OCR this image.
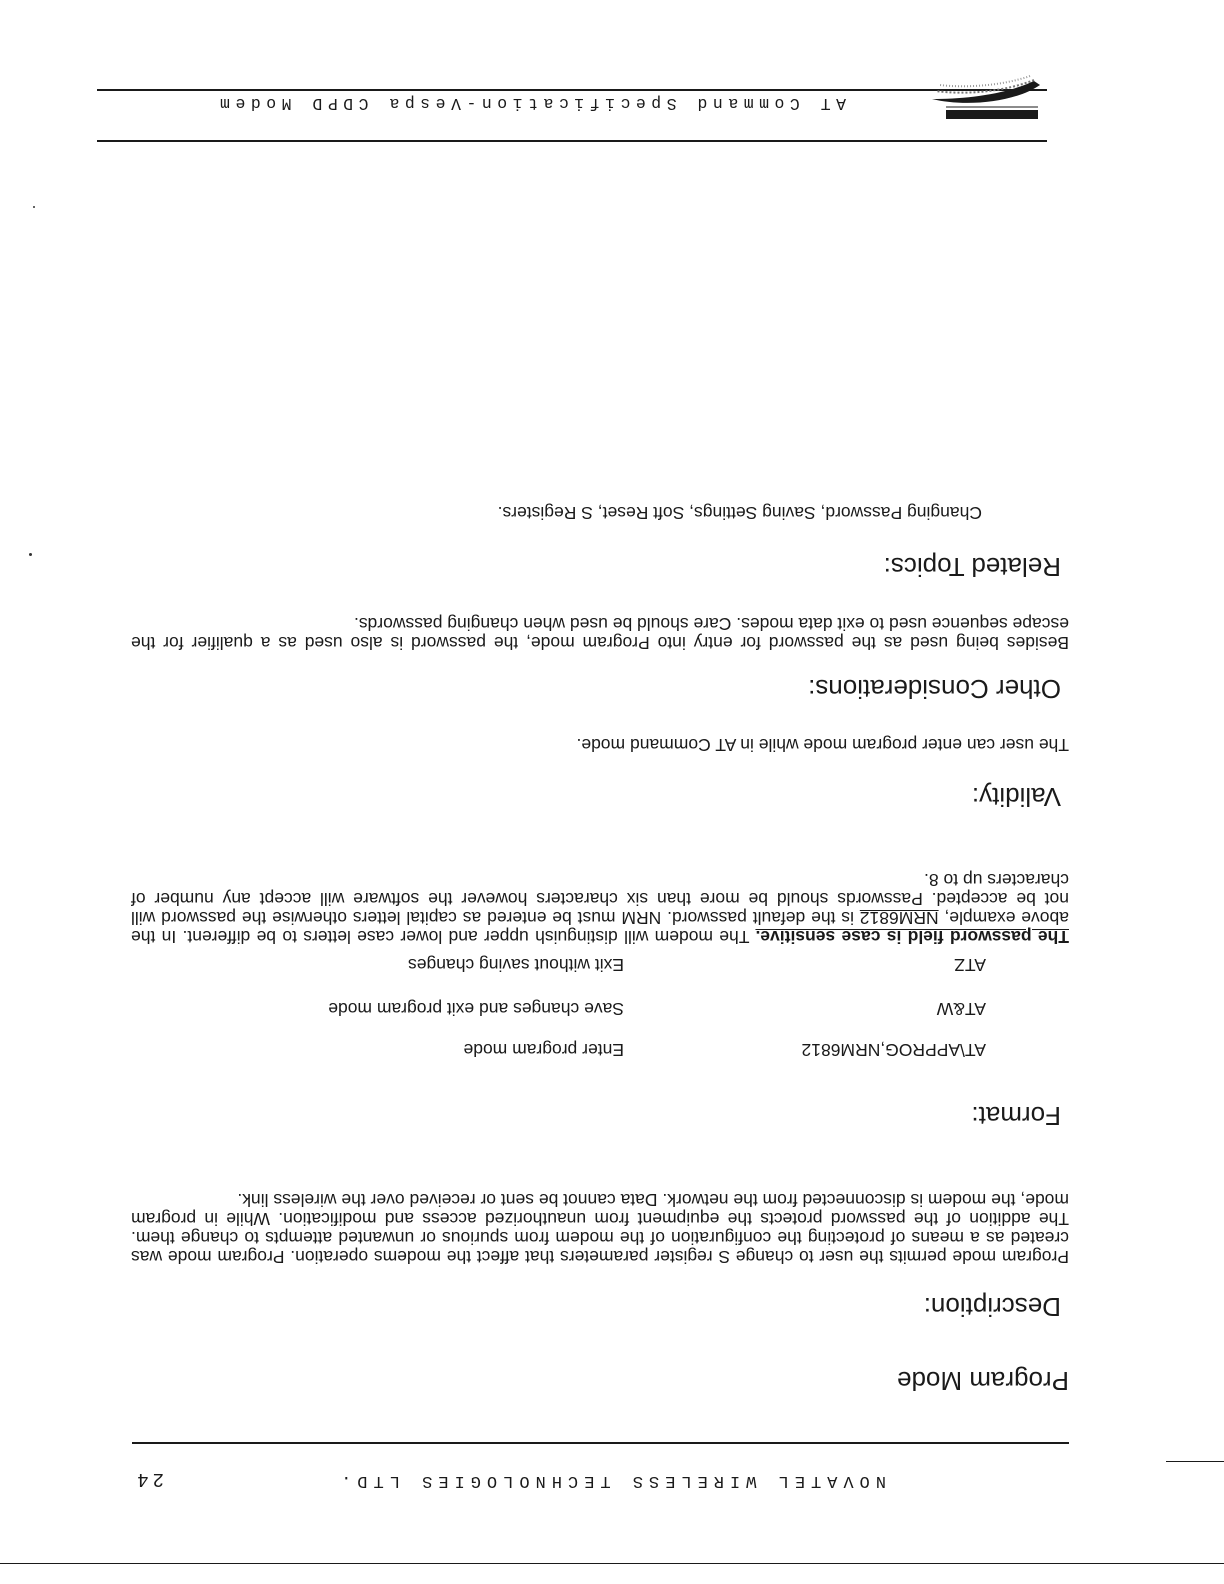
NOVATEL WIRELESS TECHNOLOGIES LTD.
24
Program Mode
Description:

Program mode permits the user to change S register parameters that affect the modems operation. Program mode was created as a means of protecting the configuration of the modem from spurious or unwanted attempts to change them. The addition of the password protects the equipment from unauthorized access and modification. While in program mode, the modem is disconnected from the network. Data cannot be sent or received over the wireless link.

Format:
AT\APPROG,NRM6812
Enter program mode
AT&W
Save changes and exit program mode
ATZ
Exit without saving changes

The password field is case sensitive. The modem will distinguish upper and lower case letters to be different. In the above example, NRM6812 is the default password. NRM must be entered as capital letters otherwise the password will not be accepted. Passwords should be more than six characters however the software will accept any number of characters up to 8.

Validity:

The user can enter program mode while in AT Command mode.

Other Considerations:

Besides being used as the password for entry into Program mode, the password is also used as a qualifier for the escape sequence used to exit data modes. Care should be used when changing passwords.

Related Topics:

Changing Password, Saving Settings, Soft Reset, S Registers.

AT Command Specification-Vespa CDPD Modem
